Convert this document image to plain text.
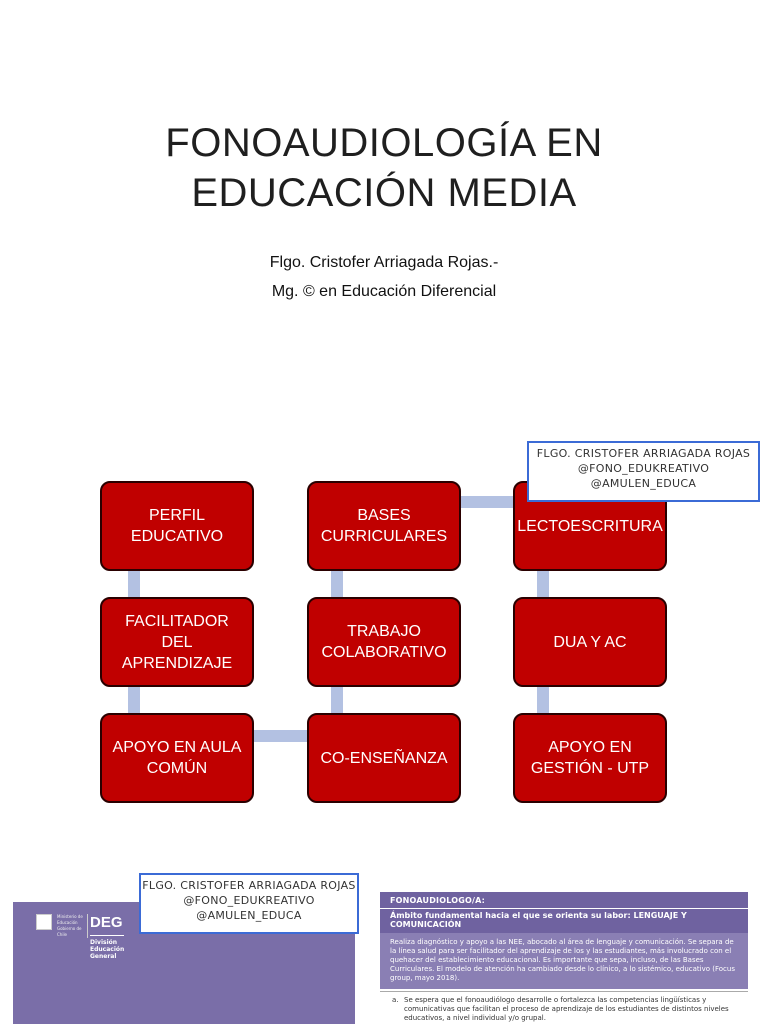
FONOAUDIOLOGÍA EN
EDUCACIÓN MEDIA
Flgo. Cristofer Arriagada Rojas.-
Mg. © en Educación Diferencial
PERFIL EDUCATIVO
FACILITADOR DEL APRENDIZAJE
APOYO EN AULA COMÚN
BASES CURRICULARES
TRABAJO COLABORATIVO
CO-ENSEÑANZA
LECTOESCRITURA
DUA Y AC
APOYO EN GESTIÓN - UTP
FLGO. CRISTOFER ARRIAGADA ROJAS
@FONO_EDUKREATIVO
@AMULEN_EDUCA
Ministerio de Educación Gobierno de Chile
DEG
División
Educación
General
FLGO. CRISTOFER ARRIAGADA ROJAS
@FONO_EDUKREATIVO
@AMULEN_EDUCA
FONOAUDIOLOGO/A:
Ámbito fundamental hacia el que se orienta su labor: LENGUAJE Y COMUNICACIÓN
Realiza diagnóstico y apoyo a las NEE, abocado al área de lenguaje y comunicación. Se separa de la línea salud para ser facilitador del aprendizaje de los y las estudiantes, más involucrado con el quehacer del establecimiento educacional. Es importante que sepa, incluso, de las Bases Curriculares. El modelo de atención ha cambiado desde lo clínico, a lo sistémico, educativo (Focus group, mayo 2018).
a. Se espera que el fonoaudiólogo desarrolle o fortalezca las competencias lingüísticas y comunicativas que facilitan el proceso de aprendizaje de los estudiantes de distintos niveles educativos, a nivel individual y/o grupal.
